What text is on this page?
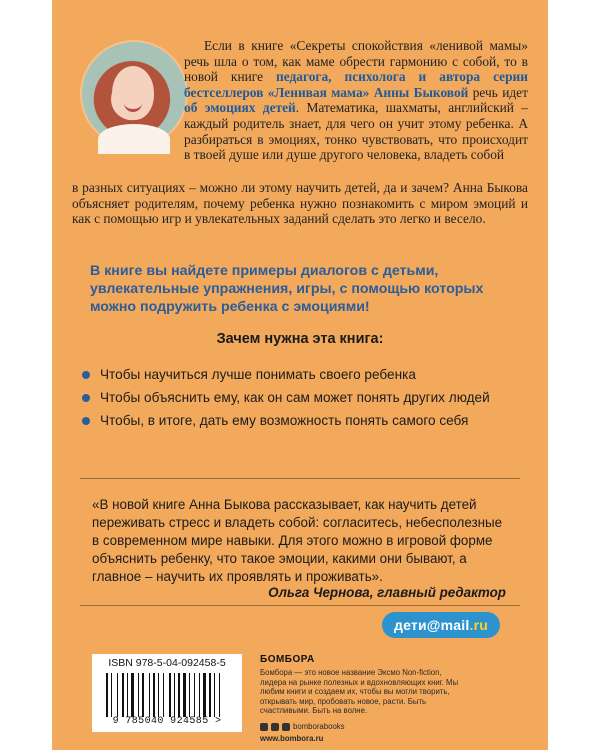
Если в книге «Секреты спокойствия «ленивой мамы» речь шла о том, как маме обрести гармонию с собой, то в новой книге педагога, психолога и автора серии бестселлеров «Ленивая мама» Анны Быковой речь идет об эмоциях детей. Математика, шахматы, английский – каждый родитель знает, для чего он учит этому ребенка. А разбираться в эмоциях, тонко чувствовать, что происходит в твоей душе или душе другого человека, владеть собой

в разных ситуациях – можно ли этому научить детей, да и зачем? Анна Быкова объясняет родителям, почему ребенка нужно познакомить с миром эмоций и как с помощью игр и увлекательных заданий сделать это легко и весело.

В книге вы найдете примеры диалогов с детьми, увлекательные упражнения, игры, с помощью которых можно подружить ребенка с эмоциями!

Зачем нужна эта книга:
Чтобы научиться лучше понимать своего ребенка
Чтобы объяснить ему, как он сам может понять других людей
Чтобы, в итоге, дать ему возможность понять самого себя

«В новой книге Анна Быкова рассказывает, как научить детей переживать стресс и владеть собой: согласитесь, небесполезные в современном мире навыки. Для этого можно в игровой форме объяснить ребенку, что такое эмоции, какими они бывают, а главное – научить их проявлять и проживать».

Ольга Чернова, главный редактор

дети @ mail . ru
ISBN 978-5-04-092458-5
9 785040 924585 >

БОМБОРА

Бомбора — это новое название Эксмо Non-fiction, лидера на рынке полезных и вдохновляющих книг. Мы любим книги и создаем их, чтобы вы могли творить, открывать мир, пробовать новое, расти. Быть счастливыми. Быть на волне.

bomborabooks

www.bombora.ru
